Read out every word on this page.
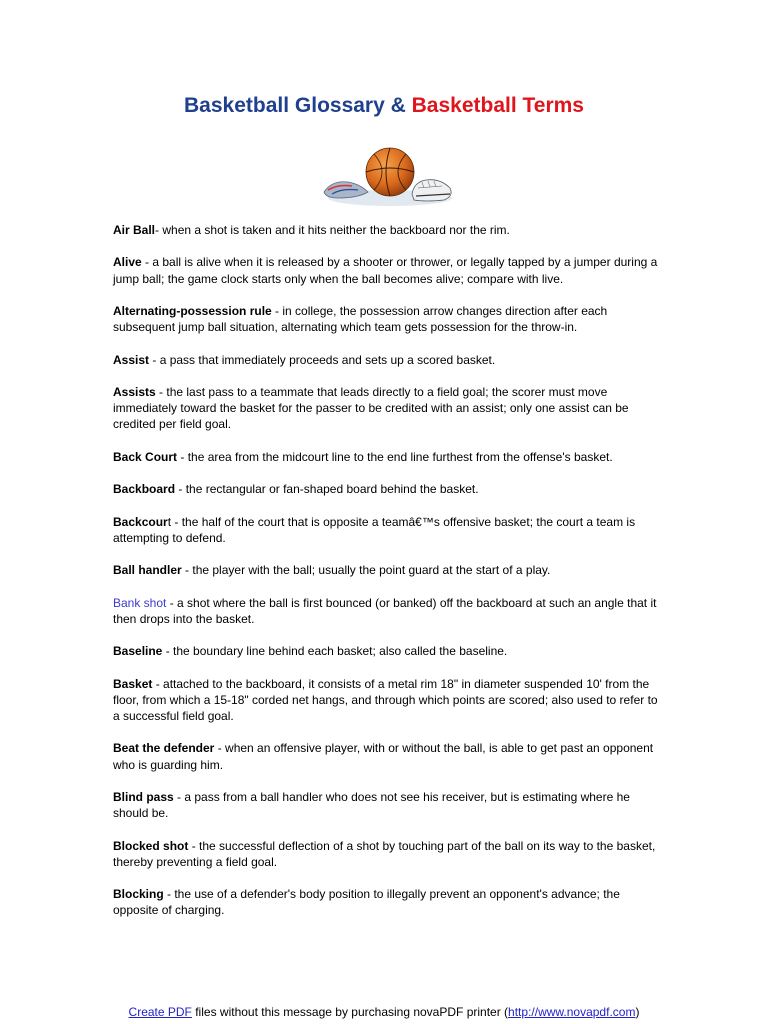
Basketball Glossary & Basketball Terms
Air Ball- when a shot is taken and it hits neither the backboard nor the rim.
Alive - a ball is alive when it is released by a shooter or thrower, or legally tapped by a jumper during a jump ball; the game clock starts only when the ball becomes alive; compare with live.
Alternating-possession rule - in college, the possession arrow changes direction after each subsequent jump ball situation, alternating which team gets possession for the throw-in.
Assist - a pass that immediately proceeds and sets up a scored basket.
Assists - the last pass to a teammate that leads directly to a field goal; the scorer must move immediately toward the basket for the passer to be credited with an assist; only one assist can be credited per field goal.
Back Court - the area from the midcourt line to the end line furthest from the offense's basket.
Backboard - the rectangular or fan-shaped board behind the basket.
Backcourt - the half of the court that is opposite a teamâ€™s offensive basket; the court a team is attempting to defend.
Ball handler - the player with the ball; usually the point guard at the start of a play.
Bank shot - a shot where the ball is first bounced (or banked) off the backboard at such an angle that it then drops into the basket.
Baseline - the boundary line behind each basket; also called the baseline.
Basket - attached to the backboard, it consists of a metal rim 18" in diameter suspended 10' from the floor, from which a 15-18" corded net hangs, and through which points are scored; also used to refer to a successful field goal.
Beat the defender - when an offensive player, with or without the ball, is able to get past an opponent who is guarding him.
Blind pass - a pass from a ball handler who does not see his receiver, but is estimating where he should be.
Blocked shot - the successful deflection of a shot by touching part of the ball on its way to the basket, thereby preventing a field goal.
Blocking - the use of a defender's body position to illegally prevent an opponent's advance; the opposite of charging.
Create PDF files without this message by purchasing novaPDF printer (http://www.novapdf.com)
